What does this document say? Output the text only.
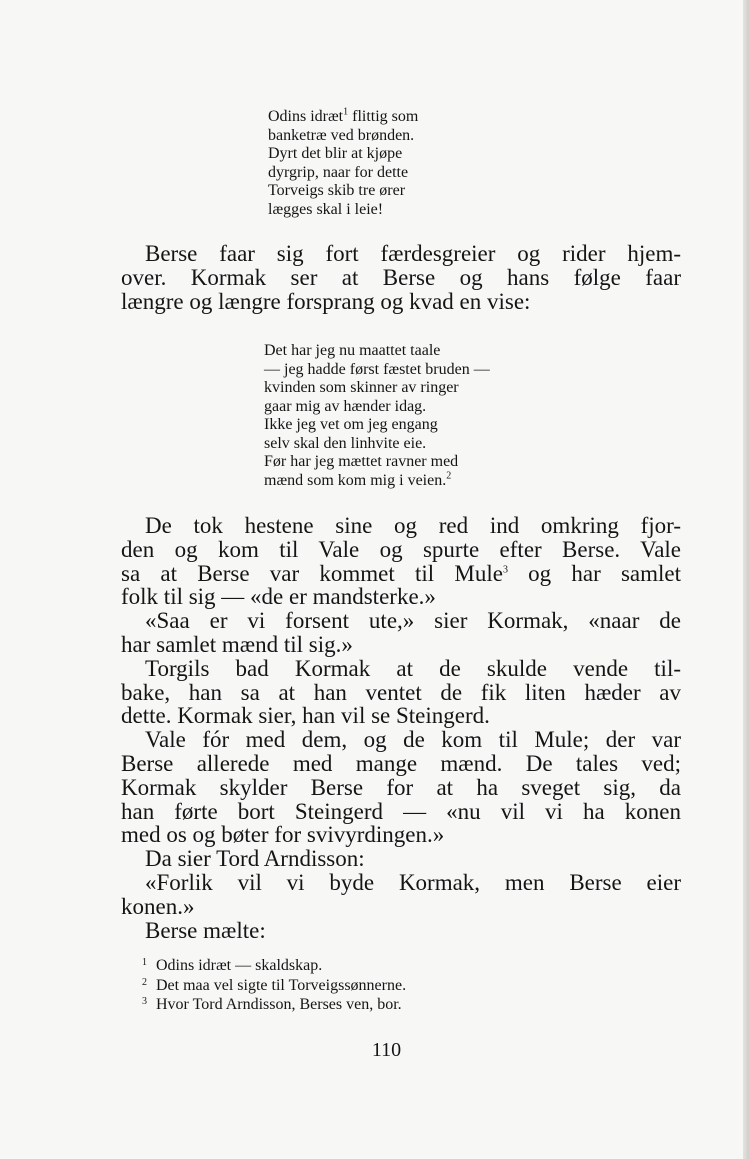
Odins idræt$^1$ flittig som
banketræ ved brønden.
Dyrt det blir at kjøpe
dyrgrip, naar for dette
Torveigs skib tre ører
lægges skal i leie!
Berse faar sig fort færdesgreier og rider hjem-
over. Kormak ser at Berse og hans følge faar
længre og længre forsprang og kvad en vise:
Det har jeg nu maattet taale
— jeg hadde først fæstet bruden —
kvinden som skinner av ringer
gaar mig av hænder idag.
Ikke jeg vet om jeg engang
selv skal den linhvite eie.
Før har jeg mættet ravner med
mænd som kom mig i veien.$^2$
De tok hestene sine og red ind omkring fjor-
den og kom til Vale og spurte efter Berse. Vale
sa at Berse var kommet til Mule$^3$ og har samlet
folk til sig — «de er mandsterke.»
«Saa er vi forsent ute,» sier Kormak, «naar de
har samlet mænd til sig.»
Torgils bad Kormak at de skulde vende til-
bake, han sa at han ventet de fik liten hæder av
dette. Kormak sier, han vil se Steingerd.
Vale fór med dem, og de kom til Mule; der var
Berse allerede med mange mænd. De tales ved;
Kormak skylder Berse for at ha sveget sig, da
han førte bort Steingerd — «nu vil vi ha konen
med os og bøter for svivyrdingen.»
Da sier Tord Arndisson:
«Forlik vil vi byde Kormak, men Berse eier
konen.»
Berse mælte:
1 Odins idræt — skaldskap.
2 Det maa vel sigte til Torveigssønnerne.
3 Hvor Tord Arndisson, Berses ven, bor.
110
